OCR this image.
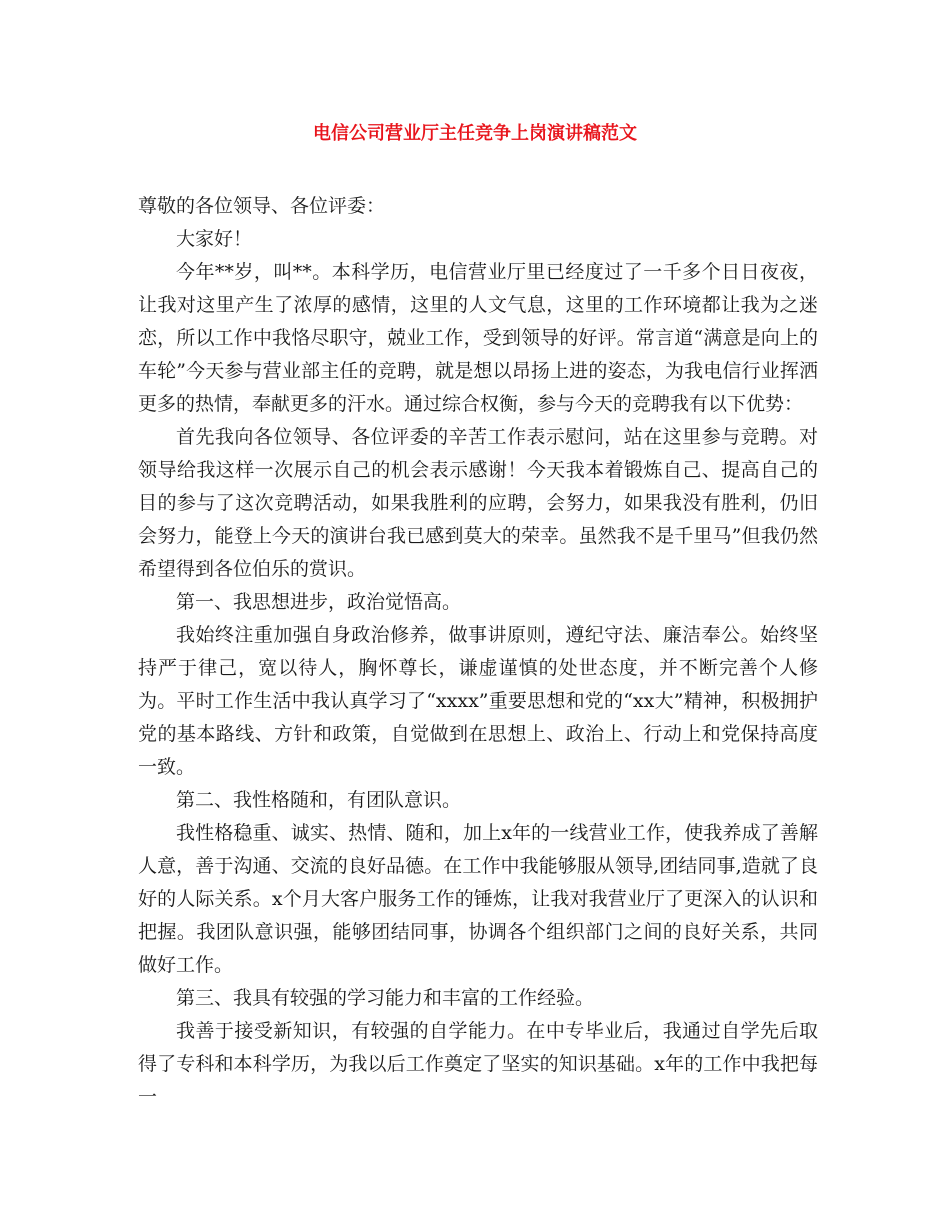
电信公司营业厅主任竞争上岗演讲稿范文

尊敬的各位领导、各位评委：

大家好！

今年**岁，叫**。本科学历，电信营业厅里已经度过了一千多个日日夜夜，让我对这里产生了浓厚的感情，这里的人文气息，这里的工作环境都让我为之迷恋，所以工作中我恪尽职守，兢业工作，受到领导的好评。常言道“满意是向上的车轮”今天参与营业部主任的竞聘，就是想以昂扬上进的姿态，为我电信行业挥洒更多的热情，奉献更多的汗水。通过综合权衡，参与今天的竞聘我有以下优势：

首先我向各位领导、各位评委的辛苦工作表示慰问，站在这里参与竞聘。对领导给我这样一次展示自己的机会表示感谢！今天我本着锻炼自己、提高自己的目的参与了这次竞聘活动，如果我胜利的应聘，会努力，如果我没有胜利，仍旧会努力，能登上今天的演讲台我已感到莫大的荣幸。虽然我不是千里马”但我仍然希望得到各位伯乐的赏识。

第一、我思想进步，政治觉悟高。

我始终注重加强自身政治修养，做事讲原则，遵纪守法、廉洁奉公。始终坚持严于律己，宽以待人，胸怀尊长，谦虚谨慎的处世态度，并不断完善个人修为。平时工作生活中我认真学习了“xxxx”重要思想和党的“xx大”精神，积极拥护党的基本路线、方针和政策，自觉做到在思想上、政治上、行动上和党保持高度一致。

第二、我性格随和，有团队意识。

我性格稳重、诚实、热情、随和，加上x年的一线营业工作，使我养成了善解人意，善于沟通、交流的良好品德。在工作中我能够服从领导,团结同事,造就了良好的人际关系。x个月大客户服务工作的锤炼，让我对我营业厅了更深入的认识和把握。我团队意识强，能够团结同事，协调各个组织部门之间的良好关系，共同做好工作。

第三、我具有较强的学习能力和丰富的工作经验。

我善于接受新知识，有较强的自学能力。在中专毕业后，我通过自学先后取得了专科和本科学历，为我以后工作奠定了坚实的知识基础。x年的工作中我把每一
